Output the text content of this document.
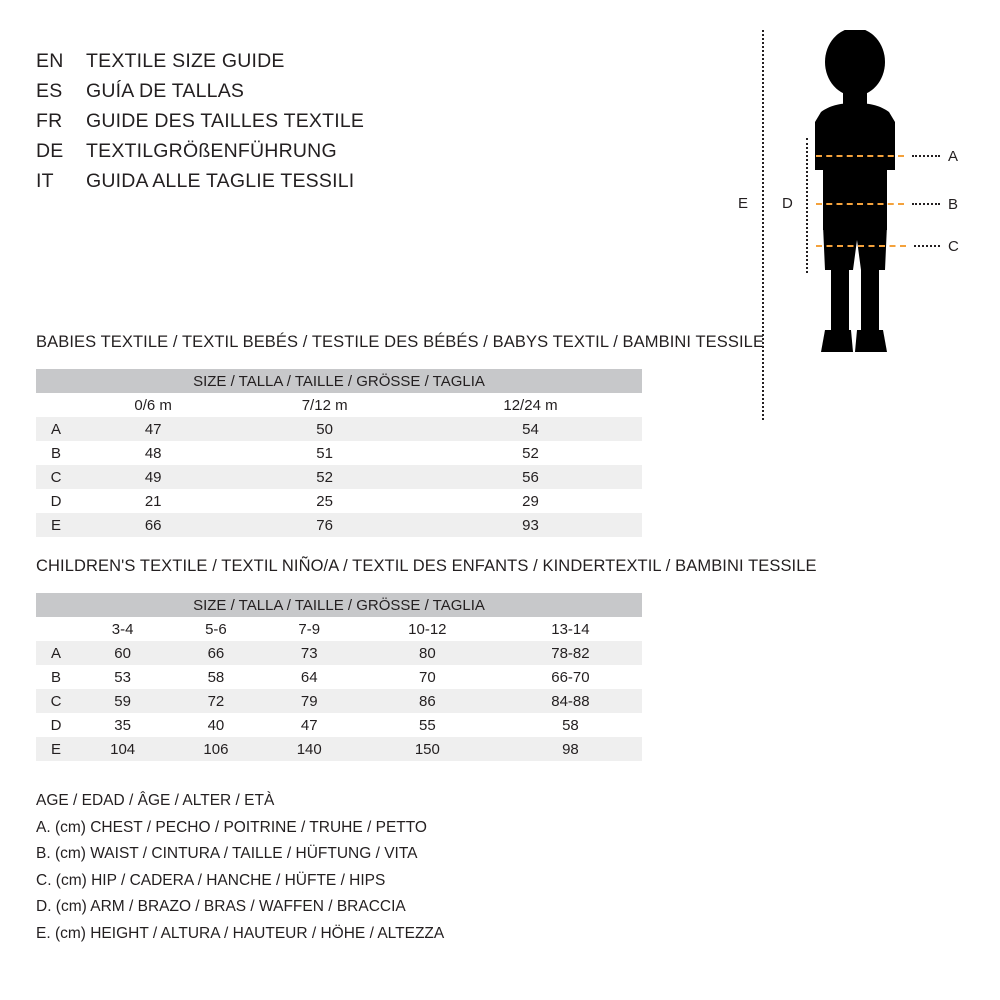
EN	TEXTILE SIZE GUIDE
ES	GUÍA DE TALLAS
FR	GUIDE DES TAILLES TEXTILE
DE	TEXTILGRÖßENFÜHRUNG
IT	GUIDA ALLE TAGLIE TESSILI
E D
A
B
C
BABIES TEXTILE / TEXTIL BEBÉS / TESTILE DES BÉBÉS / BABYS TEXTIL / BAMBINI TESSILE
SIZE / TALLA / TAILLE / GRÖSSE / TAGLIA			
	0/6 m	7/12 m	12/24 m
A	47	50	54
B	48	51	52
C	49	52	56
D	21	25	29
E	66	76	93
CHILDREN'S TEXTILE / TEXTIL NIÑO/A / TEXTIL DES ENFANTS / KINDERTEXTIL / BAMBINI TESSILE
SIZE / TALLA / TAILLE / GRÖSSE / TAGLIA					
	3-4	5-6	7-9	10-12	13-14
A	60	66	73	80	78-82
B	53	58	64	70	66-70
C	59	72	79	86	84-88
D	35	40	47	55	58
E	104	106	140	150	98
AGE / EDAD / ÂGE / ALTER / ETÀ
A. (cm) CHEST / PECHO / POITRINE / TRUHE / PETTO
B. (cm) WAIST / CINTURA / TAILLE / HÜFTUNG / VITA
C. (cm) HIP / CADERA / HANCHE / HÜFTE / HIPS
D. (cm) ARM / BRAZO / BRAS / WAFFEN / BRACCIA
E. (cm) HEIGHT / ALTURA / HAUTEUR / HÖHE / ALTEZZA
